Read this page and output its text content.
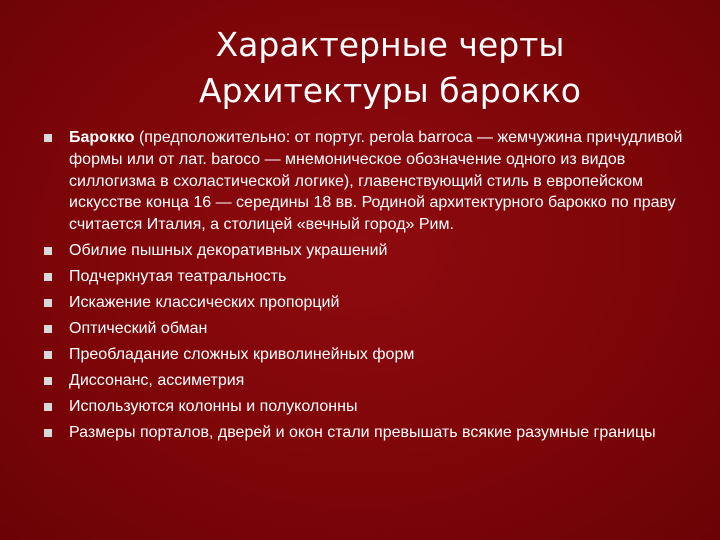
Характерные черты
Архитектуры барокко
Барокко (предположительно: от португ. perola barroca — жемчужина причудливой формы или от лат. baroco — мнемоническое обозначение одного из видов силлогизма в схоластической логике), главенствующий стиль в европейском искусстве конца 16 — середины 18 вв. Родиной архитектурного барокко по праву считается Италия, а столицей «вечный город» Рим.
Обилие пышных декоративных украшений
Подчеркнутая театральность
Искажение классических пропорций
Оптический обман
Преобладание сложных криволинейных форм
Диссонанс, ассиметрия
Используются колонны и полуколонны
Размеры порталов, дверей и окон стали превышать всякие разумные границы
